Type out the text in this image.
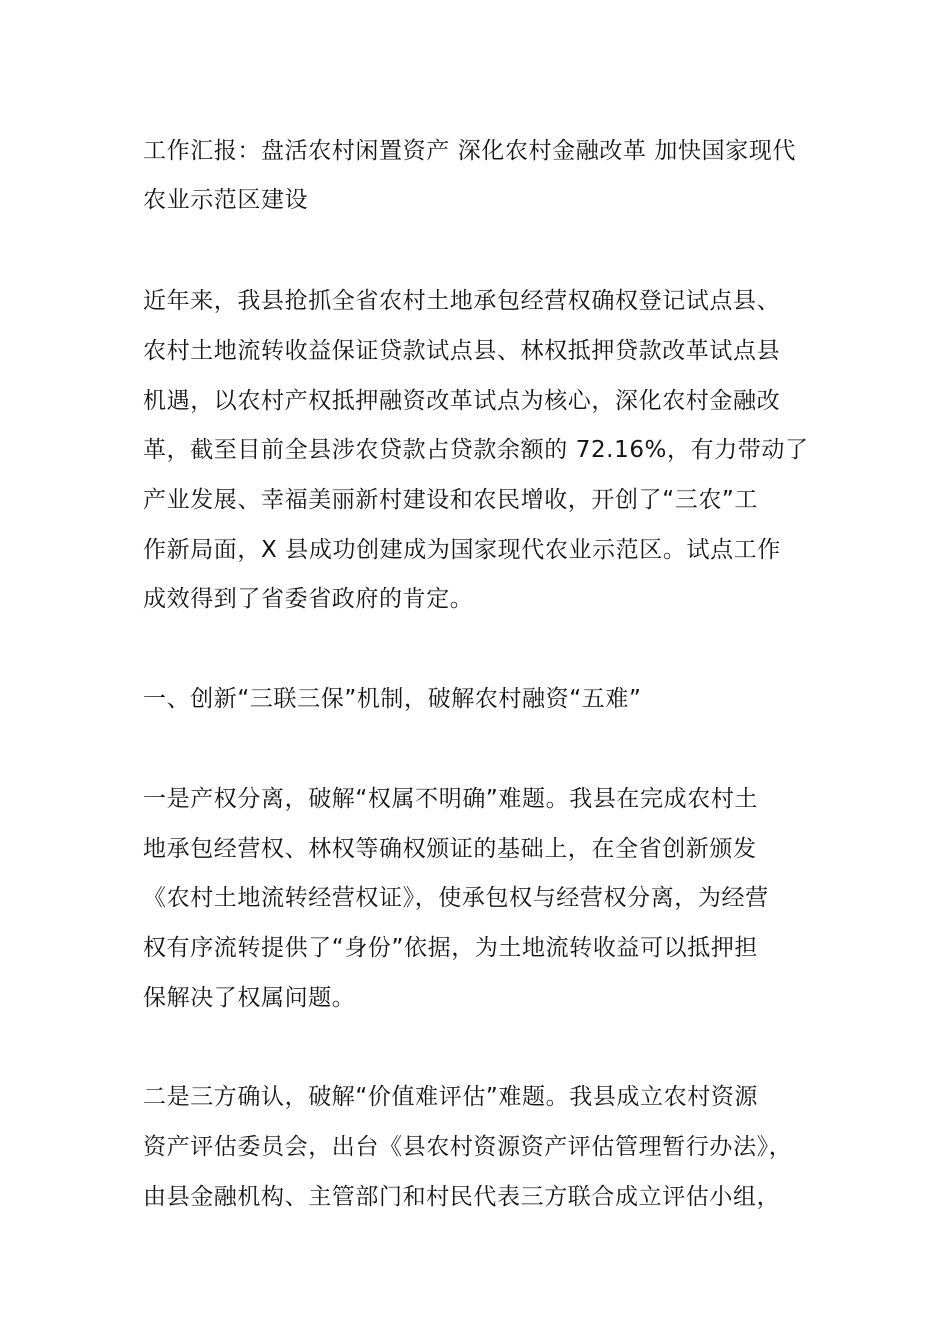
工作汇报：盘活农村闲置资产 深化农村金融改革 加快国家现代
农业示范区建设
近年来，我县抢抓全省农村土地承包经营权确权登记试点县、
农村土地流转收益保证贷款试点县、林权抵押贷款改革试点县
机遇，以农村产权抵押融资改革试点为核心，深化农村金融改
革，截至目前全县涉农贷款占贷款余额的 72.16%，有力带动了
产业发展、幸福美丽新村建设和农民增收，开创了“三农”工
作新局面，X 县成功创建成为国家现代农业示范区。试点工作
成效得到了省委省政府的肯定。
一、创新“三联三保”机制，破解农村融资“五难”
一是产权分离，破解“权属不明确”难题。我县在完成农村土
地承包经营权、林权等确权颁证的基础上，在全省创新颁发
《农村土地流转经营权证》，使承包权与经营权分离，为经营
权有序流转提供了“身份”依据，为土地流转收益可以抵押担
保解决了权属问题。
二是三方确认，破解“价值难评估”难题。我县成立农村资源
资产评估委员会，出台《县农村资源资产评估管理暂行办法》，
由县金融机构、主管部门和村民代表三方联合成立评估小组，
